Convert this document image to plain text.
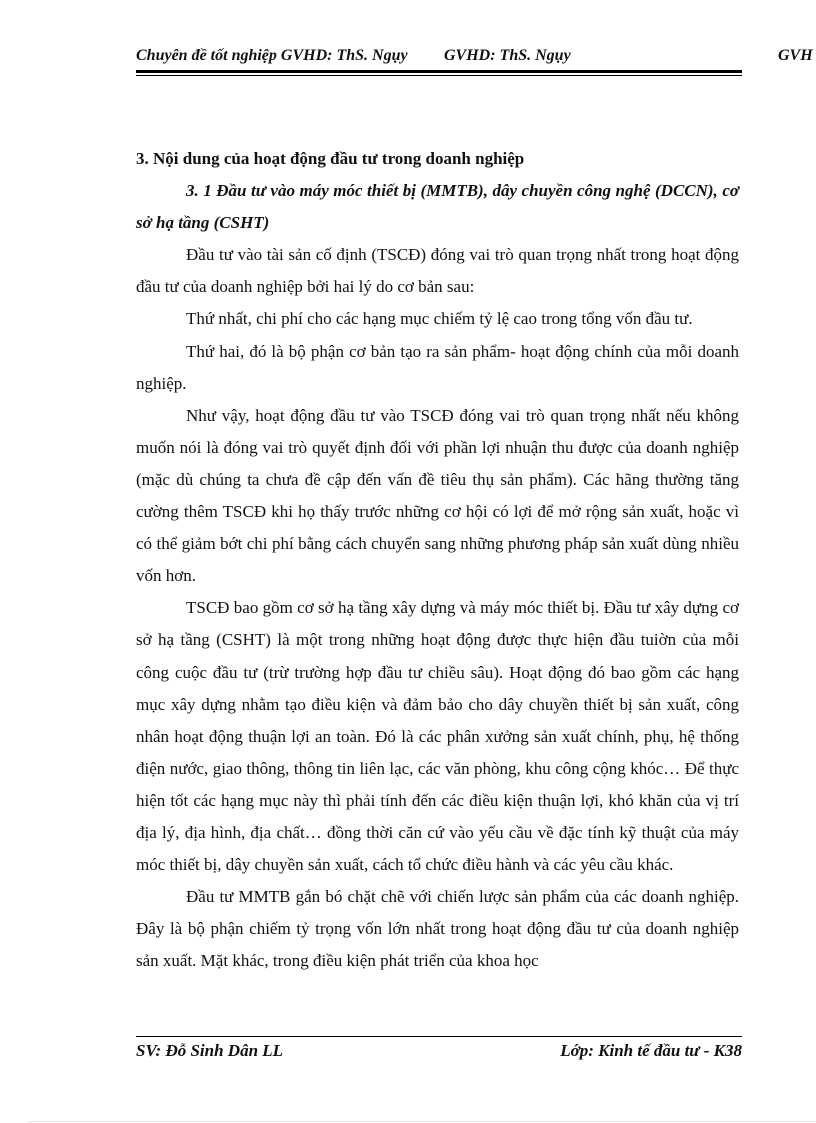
Chuyên đề tốt nghiệp GVHD: ThS. Ngụy GVHD: ThS. Ngụy	GVH

3. Nội dung của hoạt động đầu tư trong doanh nghiệp

3. 1 Đầu tư vào máy móc thiết bị (MMTB), dây chuyền công nghệ (DCCN), cơ sở hạ tầng (CSHT)

Đầu tư vào tài sản cố định (TSCĐ) đóng vai trò quan trọng nhất trong hoạt động đầu tư của doanh nghiệp bởi hai lý do cơ bản sau:

Thứ nhất, chi phí cho các hạng mục chiếm tỷ lệ cao trong tổng vốn đầu tư.

Thứ hai, đó là bộ phận cơ bản tạo ra sản phẩm- hoạt động chính của mỗi doanh nghiệp.

Như vậy, hoạt động đầu tư vào TSCĐ đóng vai trò quan trọng nhất nếu không muốn nói là đóng vai trò quyết định đối với phần lợi nhuận thu được của doanh nghiệp (mặc dù chúng ta chưa đề cập đến vấn đề tiêu thụ sản phẩm). Các hãng thường tăng cường thêm TSCĐ khi họ thấy trước những cơ hội có lợi để mở rộng sản xuất, hoặc vì có thể giảm bớt chi phí bằng cách chuyển sang những phương pháp sản xuất dùng nhiều vốn hơn.

TSCĐ bao gồm cơ sở hạ tầng xây dựng và máy móc thiết bị. Đầu tư xây dựng cơ sở hạ tầng (CSHT) là một trong những hoạt động được thực hiện đầu tuiờn của mỗi công cuộc đầu tư (trừ trường hợp đầu tư chiều sâu). Hoạt động đó bao gồm các hạng mục xây dựng nhằm tạo điều kiện và đảm bảo cho dây chuyền thiết bị sản xuất, công nhân hoạt động thuận lợi an toàn. Đó là các phân xưởng sản xuất chính, phụ, hệ thống điện nước, giao thông, thông tin liên lạc, các văn phòng, khu công cộng khóc… Để thực hiện tốt các hạng mục này thì phải tính đến các điều kiện thuận lợi, khó khăn của vị trí địa lý, địa hình, địa chất… đồng thời căn cứ vào yếu cầu về đặc tính kỹ thuật của máy móc thiết bị, dây chuyền sản xuất, cách tổ chức điều hành và các yêu cầu khác.

Đầu tư MMTB gắn bó chặt chẽ với chiến lược sản phẩm của các doanh nghiệp. Đây là bộ phận chiếm tỷ trọng vốn lớn nhất trong hoạt động đầu tư của doanh nghiệp sản xuất. Mặt khác, trong điều kiện phát triển của khoa học

SV: Đỗ Sinh Dân LL	Lớp: Kinh tế đầu tư - K38
